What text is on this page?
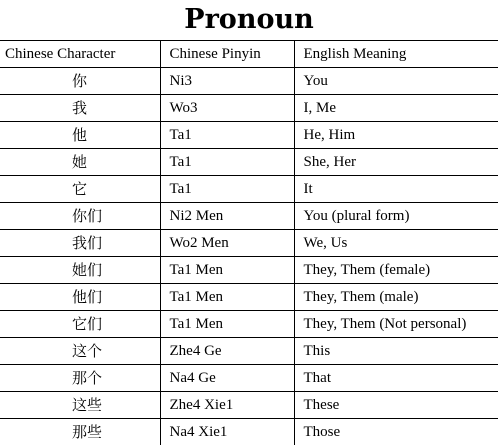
Pronoun
Chinese Character	Chinese Pinyin	English Meaning
你	Ni3	You
我	Wo3	I, Me
他	Ta1	He, Him
她	Ta1	She, Her
它	Ta1	It
你们	Ni2 Men	You (plural form)
我们	Wo2 Men	We, Us
她们	Ta1 Men	They, Them (female)
他们	Ta1 Men	They, Them (male)
它们	Ta1 Men	They, Them (Not personal)
这个	Zhe4 Ge	This
那个	Na4 Ge	That
这些	Zhe4 Xie1	These
那些	Na4 Xie1	Those
